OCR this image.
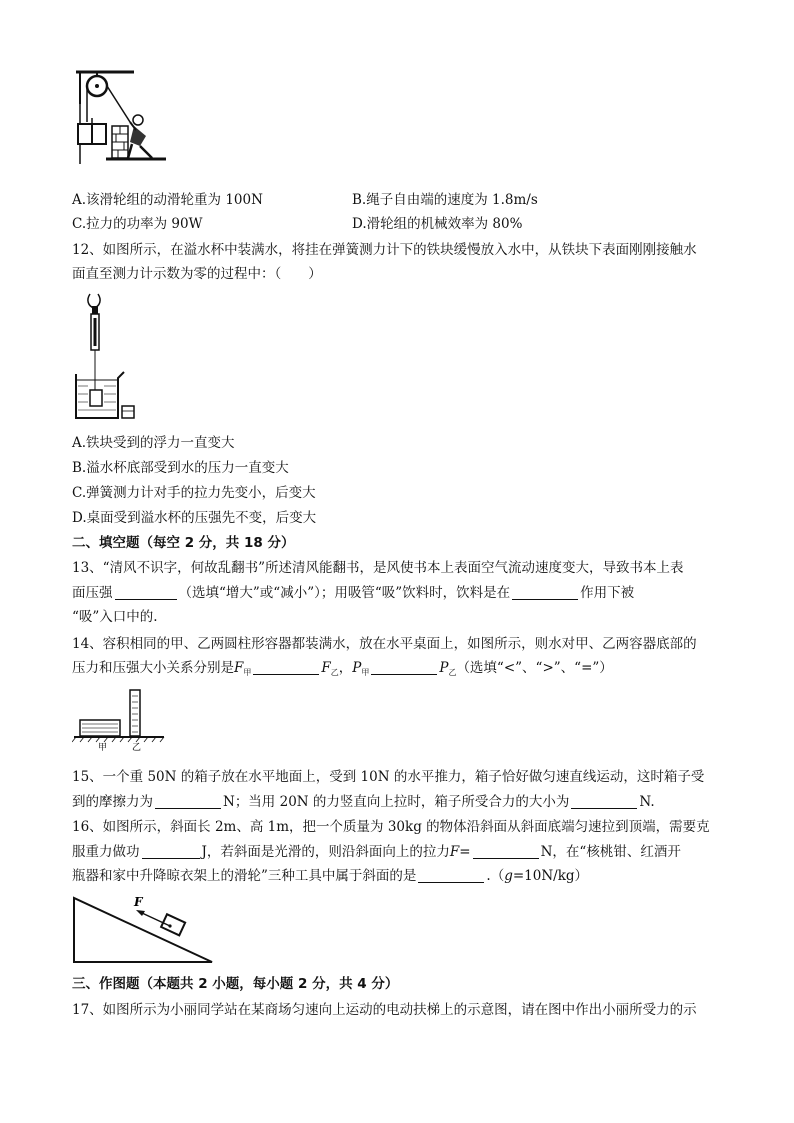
A.该滑轮组的动滑轮重为 100N	B.绳子自由端的速度为 1.8m/s
C.拉力的功率为 90W	D.滑轮组的机械效率为 80%
12、如图所示，在溢水杯中装满水，将挂在弹簧测力计下的铁块缓慢放入水中，从铁块下表面刚刚接触水
面直至测力计示数为零的过程中：（　　）
A.铁块受到的浮力一直变大
B.溢水杯底部受到水的压力一直变大
C.弹簧测力计对手的拉力先变小，后变大
D.桌面受到溢水杯的压强先不变，后变大
二、填空题（每空 2 分，共 18 分）
13、“清风不识字，何故乱翻书”所述清风能翻书，是风使书本上表面空气流动速度变大，导致书本上表
面压强	（选填“增大”或“减小”）；用吸管“吸”饮料时，饮料是在	作用下被
“吸”入口中的.
14、容积相同的甲、乙两圆柱形容器都装满水，放在水平桌面上，如图所示，则水对甲、乙两容器底部的
压力和压强大小关系分别是$F_甲$	$F_乙$，$P_甲$	$P_乙$（选填“<”、“>”、“=”）
甲	乙
15、一个重 50N 的箱子放在水平地面上，受到 10N 的水平推力，箱子恰好做匀速直线运动，这时箱子受
到的摩擦力为	N；当用 20N 的力竖直向上拉时，箱子所受合力的大小为	N.
16、如图所示，斜面长 2m、高 1m，把一个质量为 30kg 的物体沿斜面从斜面底端匀速拉到顶端，需要克
服重力做功	J，若斜面是光滑的，则沿斜面向上的拉力F=	N，在“核桃钳、红酒开
瓶器和家中升降晾衣架上的滑轮”三种工具中属于斜面的是	.（g=10N/kg）
F
三、作图题（本题共 2 小题，每小题 2 分，共 4 分）
17、如图所示为小丽同学站在某商场匀速向上运动的电动扶梯上的示意图，请在图中作出小丽所受力的示
